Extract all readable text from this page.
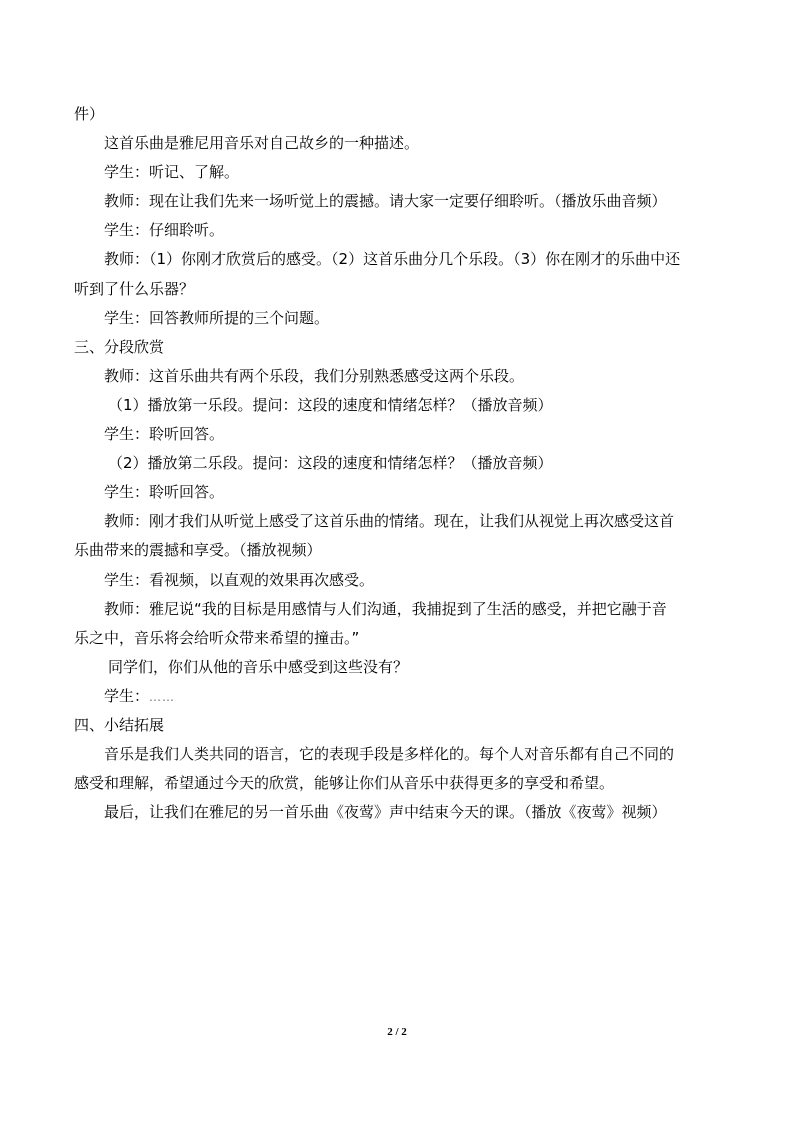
件）
这首乐曲是雅尼用音乐对自己故乡的一种描述。
学生：听记、了解。
教师：现在让我们先来一场听觉上的震撼。请大家一定要仔细聆听。（播放乐曲音频）
学生：仔细聆听。
教师：（1）你刚才欣赏后的感受。（2）这首乐曲分几个乐段。（3）你在刚才的乐曲中还
听到了什么乐器？
学生：回答教师所提的三个问题。
三、分段欣赏
教师：这首乐曲共有两个乐段，我们分别熟悉感受这两个乐段。
（1）播放第一乐段。提问：这段的速度和情绪怎样？（播放音频）
学生：聆听回答。
（2）播放第二乐段。提问：这段的速度和情绪怎样？（播放音频）
学生：聆听回答。
教师：刚才我们从听觉上感受了这首乐曲的情绪。现在，让我们从视觉上再次感受这首
乐曲带来的震撼和享受。（播放视频）
学生：看视频，以直观的效果再次感受。
教师：雅尼说“我的目标是用感情与人们沟通，我捕捉到了生活的感受，并把它融于音
乐之中，音乐将会给听众带来希望的撞击。”
同学们，你们从他的音乐中感受到这些没有？
学生：……
四、小结拓展
音乐是我们人类共同的语言，它的表现手段是多样化的。每个人对音乐都有自己不同的
感受和理解，希望通过今天的欣赏，能够让你们从音乐中获得更多的享受和希望。
最后，让我们在雅尼的另一首乐曲《夜莺》声中结束今天的课。（播放《夜莺》视频）
2 / 2
